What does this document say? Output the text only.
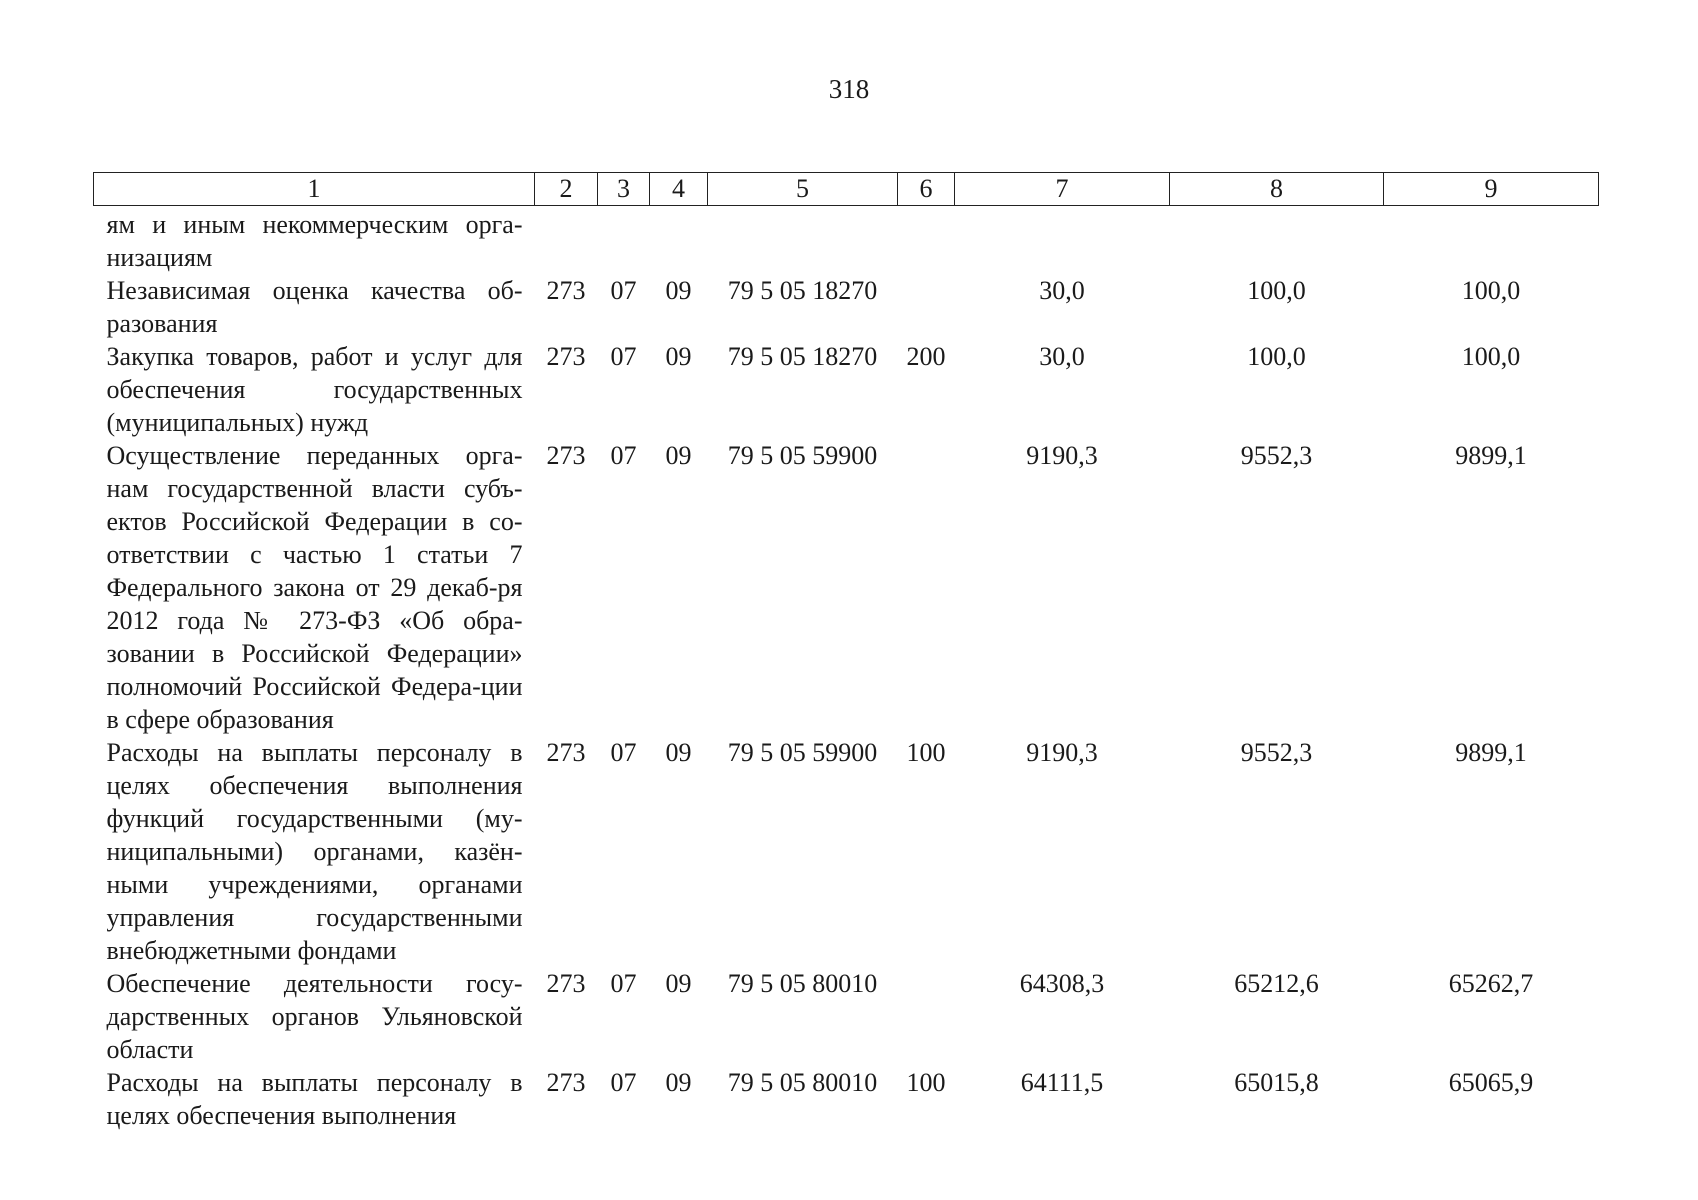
318
1	2	3	4	5	6	7	8	9
ям и иным некоммерческим орга-низациям								
Независимая оценка качества об-разования	273	07	09	79 5 05 18270		30,0	100,0	100,0
Закупка товаров, работ и услуг для обеспечения государственных (муниципальных) нужд	273	07	09	79 5 05 18270	200	30,0	100,0	100,0
Осуществление переданных орга-нам государственной власти субъ-ектов Российской Федерации в со-ответствии с частью 1 статьи 7 Федерального закона от 29 декаб-ря 2012 года № 273-ФЗ «Об обра-зовании в Российской Федерации» полномочий Российской Федера-ции в сфере образования	273	07	09	79 5 05 59900		9190,3	9552,3	9899,1
Расходы на выплаты персоналу в целях обеспечения выполнения функций государственными (му-ниципальными) органами, казён-ными учреждениями, органами управления государственными внебюджетными фондами	273	07	09	79 5 05 59900	100	9190,3	9552,3	9899,1
Обеспечение деятельности госу-дарственных органов Ульяновской области	273	07	09	79 5 05 80010		64308,3	65212,6	65262,7
Расходы на выплаты персоналу в целях обеспечения выполнения	273	07	09	79 5 05 80010	100	64111,5	65015,8	65065,9
